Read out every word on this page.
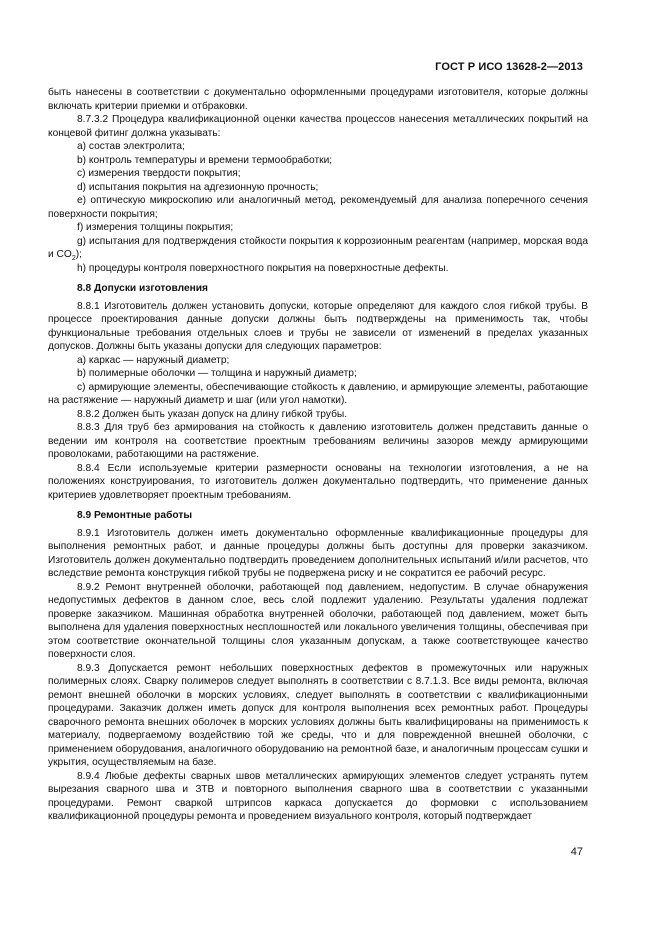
ГОСТ Р ИСО 13628-2—2013

быть нанесены в соответствии с документально оформленными процедурами изготовителя, которые должны включать критерии приемки и отбраковки.

8.7.3.2 Процедура квалификационной оценки качества процессов нанесения металлических покрытий на концевой фитинг должна указывать:

a) состав электролита;
b) контроль температуры и времени термообработки;
c) измерения твердости покрытия;
d) испытания покрытия на адгезионную прочность;
e) оптическую микроскопию или аналогичный метод, рекомендуемый для анализа поперечного сечения поверхности покрытия;
f) измерения толщины покрытия;
g) испытания для подтверждения стойкости покрытия к коррозионным реагентам (например, морская вода и $CO_2$);
h) процедуры контроля поверхностного покрытия на поверхностные дефекты.
8.8 Допуски изготовления

8.8.1 Изготовитель должен установить допуски, которые определяют для каждого слоя гибкой трубы. В процессе проектирования данные допуски должны быть подтверждены на применимость так, чтобы функциональные требования отдельных слоев и трубы не зависели от изменений в пределах указанных допусков. Должны быть указаны допуски для следующих параметров:

a) каркас — наружный диаметр;
b) полимерные оболочки — толщина и наружный диаметр;
c) армирующие элементы, обеспечивающие стойкость к давлению, и армирующие элементы, работающие на растяжение — наружный диаметр и шаг (или угол намотки).

8.8.2 Должен быть указан допуск на длину гибкой трубы.

8.8.3 Для труб без армирования на стойкость к давлению изготовитель должен представить данные о ведении им контроля на соответствие проектным требованиям величины зазоров между армирующими проволоками, работающими на растяжение.

8.8.4 Если используемые критерии размерности основаны на технологии изготовления, а не на положениях конструирования, то изготовитель должен документально подтвердить, что применение данных критериев удовлетворяет проектным требованиям.

8.9 Ремонтные работы

8.9.1 Изготовитель должен иметь документально оформленные квалификационные процедуры для выполнения ремонтных работ, и данные процедуры должны быть доступны для проверки заказчиком. Изготовитель должен документально подтвердить проведением дополнительных испытаний и/или расчетов, что вследствие ремонта конструкция гибкой трубы не подвержена риску и не сократится ее рабочий ресурс.

8.9.2 Ремонт внутренней оболочки, работающей под давлением, недопустим. В случае обнаружения недопустимых дефектов в данном слое, весь слой подлежит удалению. Результаты удаления подлежат проверке заказчиком. Машинная обработка внутренней оболочки, работающей под давлением, может быть выполнена для удаления поверхностных несплошностей или локального увеличения толщины, обеспечивая при этом соответствие окончательной толщины слоя указанным допускам, а также соответствующее качество поверхности слоя.

8.9.3 Допускается ремонт небольших поверхностных дефектов в промежуточных или наружных полимерных слоях. Сварку полимеров следует выполнять в соответствии с 8.7.1.3. Все виды ремонта, включая ремонт внешней оболочки в морских условиях, следует выполнять в соответствии с квалификационными процедурами. Заказчик должен иметь допуск для контроля выполнения всех ремонтных работ. Процедуры сварочного ремонта внешних оболочек в морских условиях должны быть квалифицированы на применимость к материалу, подвергаемому воздействию той же среды, что и для поврежденной внешней оболочки, с применением оборудования, аналогичного оборудованию на ремонтной базе, и аналогичным процессам сушки и укрытия, осуществляемым на базе.

8.9.4 Любые дефекты сварных швов металлических армирующих элементов следует устранять путем вырезания сварного шва и ЗТВ и повторного выполнения сварного шва в соответствии с указанными процедурами. Ремонт сваркой штрипсов каркаса допускается до формовки с использованием квалификационной процедуры ремонта и проведением визуального контроля, который подтверждает

47
